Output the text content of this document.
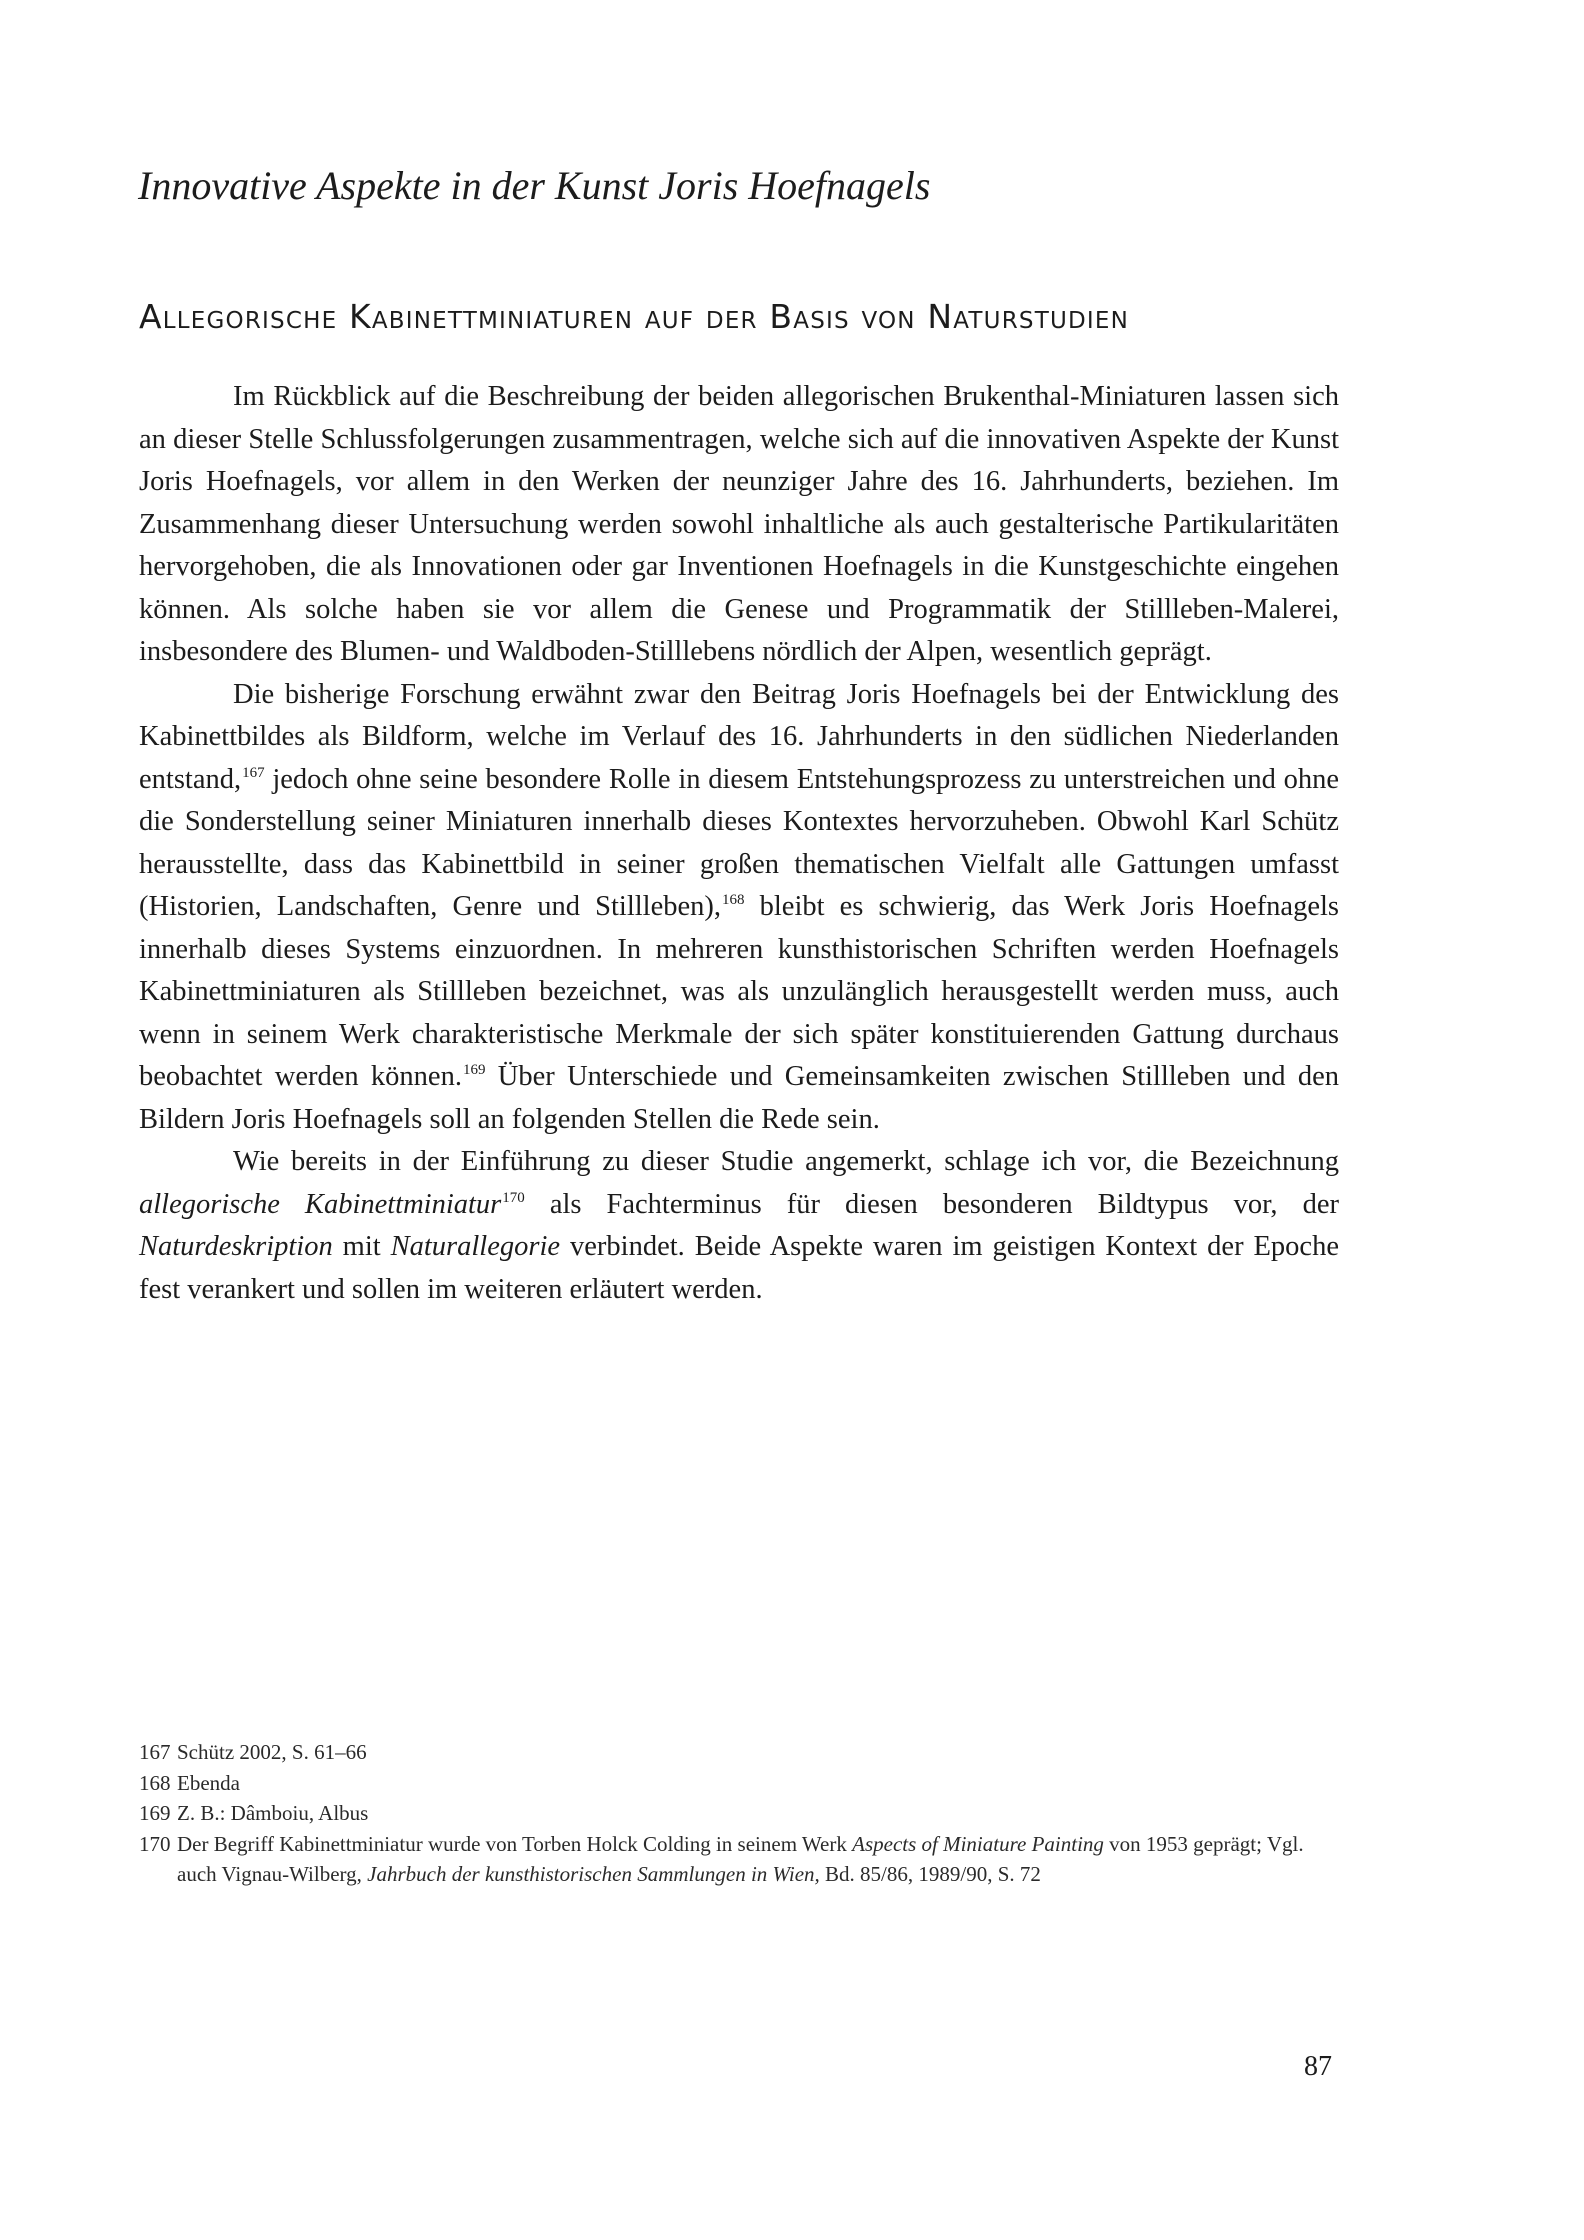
Innovative Aspekte in der Kunst Joris Hoefnagels
Allegorische Kabinettminiaturen auf der Basis von Naturstudien

Im Rückblick auf die Beschreibung der beiden allegorischen Brukenthal-Miniaturen lassen sich an dieser Stelle Schlussfolgerungen zusammentragen, welche sich auf die innovativen Aspekte der Kunst Joris Hoefnagels, vor allem in den Werken der neunziger Jahre des 16. Jahrhunderts, beziehen. Im Zusammenhang dieser Untersuchung werden sowohl inhaltliche als auch gestalterische Partikularitäten hervorgehoben, die als Innovationen oder gar Inventionen Hoefnagels in die Kunstgeschichte eingehen können. Als solche haben sie vor allem die Genese und Programmatik der Stillleben-Malerei, insbesondere des Blumen- und Waldboden-Stilllebens nördlich der Alpen, wesentlich geprägt.

Die bisherige Forschung erwähnt zwar den Beitrag Joris Hoefnagels bei der Entwicklung des Kabinettbildes als Bildform, welche im Verlauf des 16. Jahrhunderts in den südlichen Niederlanden entstand,$^{167}$ jedoch ohne seine besondere Rolle in diesem Entstehungsprozess zu unterstreichen und ohne die Sonderstellung seiner Miniaturen innerhalb dieses Kontextes hervorzuheben. Obwohl Karl Schütz herausstellte, dass das Kabinettbild in seiner großen thematischen Vielfalt alle Gattungen umfasst (Historien, Landschaften, Genre und Stillleben),$^{168}$ bleibt es schwierig, das Werk Joris Hoefnagels innerhalb dieses Systems einzuordnen. In mehreren kunsthistorischen Schriften werden Hoefnagels Kabinettminiaturen als Stillleben bezeichnet, was als unzulänglich herausgestellt werden muss, auch wenn in seinem Werk charakteristische Merkmale der sich später konstituierenden Gattung durchaus beobachtet werden können.$^{169}$ Über Unterschiede und Gemeinsamkeiten zwischen Stillleben und den Bildern Joris Hoefnagels soll an folgenden Stellen die Rede sein.

Wie bereits in der Einführung zu dieser Studie angemerkt, schlage ich vor, die Bezeichnung allegorische Kabinettminiatur$^{170}$ als Fachterminus für diesen besonderen Bildtypus vor, der Naturdeskription mit Naturallegorie verbindet. Beide Aspekte waren im geistigen Kontext der Epoche fest verankert und sollen im weiteren erläutert werden.

167 Schütz 2002, S. 61–66
168 Ebenda
169 Z. B.: Dâmboiu, Albus
170 Der Begriff Kabinettminiatur wurde von Torben Holck Colding in seinem Werk Aspects of Miniature Painting von 1953 geprägt; Vgl. auch Vignau-Wilberg, Jahrbuch der kunsthistorischen Sammlungen in Wien, Bd. 85/86, 1989/90, S. 72
87
